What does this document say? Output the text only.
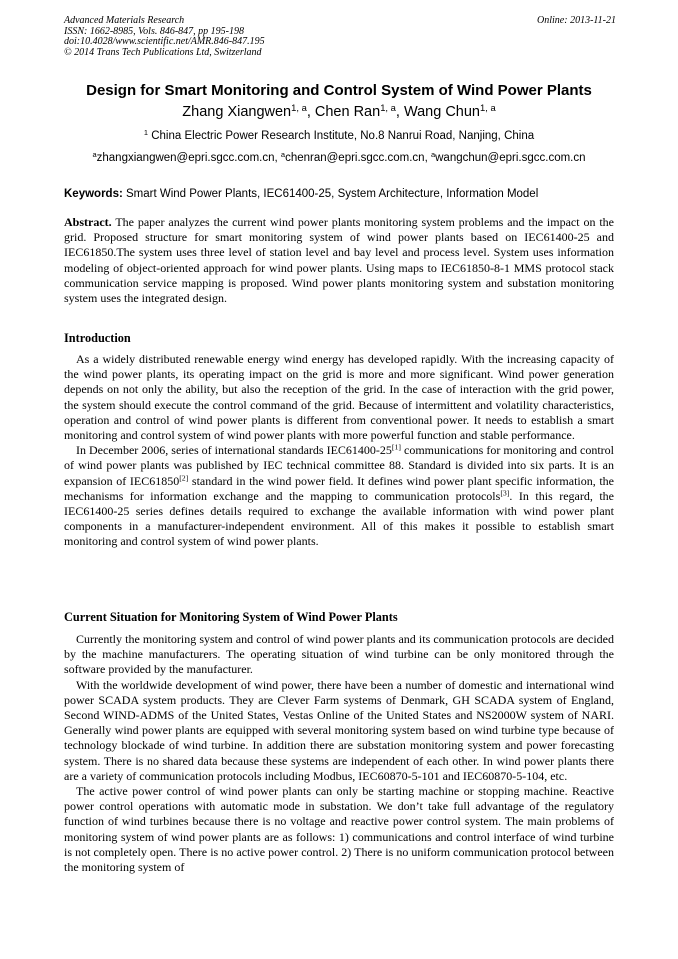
Advanced Materials Research
ISSN: 1662-8985, Vols. 846-847, pp 195-198
doi:10.4028/www.scientific.net/AMR.846-847.195
© 2014 Trans Tech Publications Ltd, Switzerland
Online: 2013-11-21
Design for Smart Monitoring and Control System of Wind Power Plants
Zhang Xiangwen$^{1, a}$, Chen Ran$^{1, a}$, Wang Chun$^{1, a}$
$^1$ China Electric Power Research Institute, No.8 Nanrui Road, Nanjing, China
$^a$zhangxiangwen@epri.sgcc.com.cn, $^a$chenran@epri.sgcc.com.cn, $^a$wangchun@epri.sgcc.com.cn
Keywords: Smart Wind Power Plants, IEC61400-25, System Architecture, Information Model

Abstract. The paper analyzes the current wind power plants monitoring system problems and the impact on the grid. Proposed structure for smart monitoring system of wind power plants based on IEC61400-25 and IEC61850.The system uses three level of station level and bay level and process level. System uses information modeling of object-oriented approach for wind power plants. Using maps to IEC61850-8-1 MMS protocol stack communication service mapping is proposed. Wind power plants monitoring system and substation monitoring system uses the integrated design.

Introduction

As a widely distributed renewable energy wind energy has developed rapidly. With the increasing capacity of the wind power plants, its operating impact on the grid is more and more significant. Wind power generation depends on not only the ability, but also the reception of the grid. In the case of interaction with the grid power, the system should execute the control command of the grid. Because of intermittent and volatility characteristics, operation and control of wind power plants is different from conventional power. It needs to establish a smart monitoring and control system of wind power plants with more powerful function and stable performance.

In December 2006, series of international standards IEC61400-25[1] communications for monitoring and control of wind power plants was published by IEC technical committee 88. Standard is divided into six parts. It is an expansion of IEC61850[2] standard in the wind power field. It defines wind power plant specific information, the mechanisms for information exchange and the mapping to communication protocols[3]. In this regard, the IEC61400-25 series defines details required to exchange the available information with wind power plant components in a manufacturer-independent environment. All of this makes it possible to establish smart monitoring and control system of wind power plants.

Current Situation for Monitoring System of Wind Power Plants

Currently the monitoring system and control of wind power plants and its communication protocols are decided by the machine manufacturers. The operating situation of wind turbine can be only monitored through the software provided by the manufacturer.

With the worldwide development of wind power, there have been a number of domestic and international wind power SCADA system products. They are Clever Farm systems of Denmark, GH SCADA system of England, Second WIND-ADMS of the United States, Vestas Online of the United States and NS2000W system of NARI. Generally wind power plants are equipped with several monitoring system based on wind turbine type because of technology blockade of wind turbine. In addition there are substation monitoring system and power forecasting system. There is no shared data because these systems are independent of each other. In wind power plants there are a variety of communication protocols including Modbus, IEC60870-5-101 and IEC60870-5-104, etc.

The active power control of wind power plants can only be starting machine or stopping machine. Reactive power control operations with automatic mode in substation. We don’t take full advantage of the regulatory function of wind turbines because there is no voltage and reactive power control system. The main problems of monitoring system of wind power plants are as follows: 1) communications and control interface of wind turbine is not completely open. There is no active power control. 2) There is no uniform communication protocol between the monitoring system of
